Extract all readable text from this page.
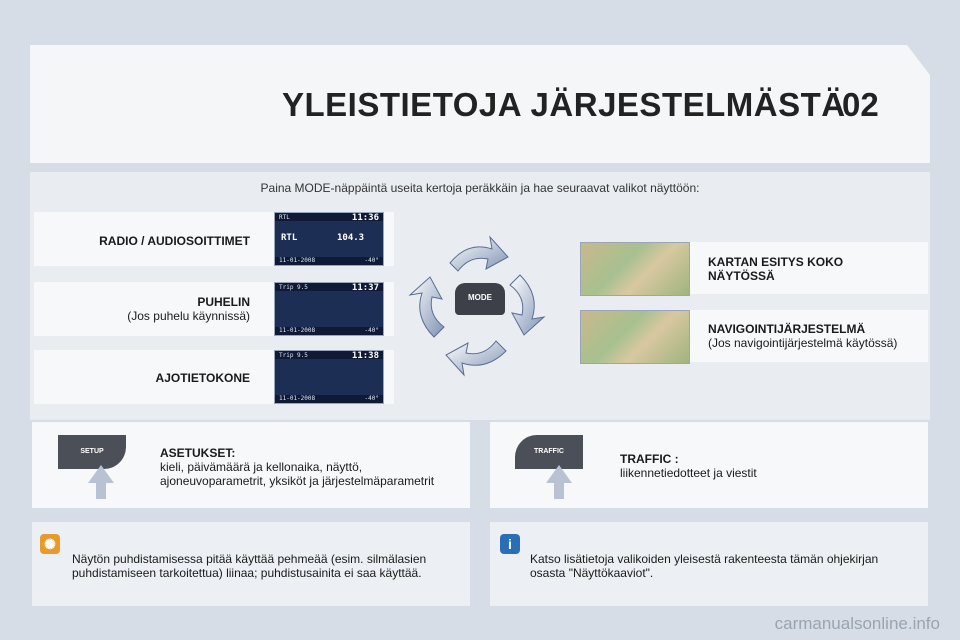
YLEISTIETOJA JÄRJESTELMÄSTÄ
02
Paina MODE-näppäintä useita kertoja peräkkäin ja hae seuraavat valikot näyttöön:
RADIO / AUDIOSOITTIMET
RTL	11:36
RTL	104.3
11-01-2008	-40°
PUHELIN
(Jos puhelu käynnissä)
Trip 9.5	11:37
11-01-2008	-40°
AJOTIETOKONE
Trip 9.5	11:38
11-01-2008	-40°
KARTAN ESITYS KOKO NÄYTÖSSÄ
NAVIGOINTIJÄRJESTELMÄ
(Jos navigointijärjestelmä käytössä)
MODE
SETUP	ASETUKSET:
kieli, päivämäärä ja kellonaika, näyttö, ajoneuvoparametrit, yksiköt ja järjestelmäparametrit
TRAFFIC
TRAFFIC :
liikennetiedotteet ja viestit
✺
Näytön puhdistamisessa pitää käyttää pehmeää (esim. silmälasien puhdistamiseen tarkoitettua) liinaa; puhdistusainita ei saa käyttää.
i
Katso lisätietoja valikoiden yleisestä rakenteesta tämän ohjekirjan osasta "Näyttökaaviot".
carmanualsonline.info
